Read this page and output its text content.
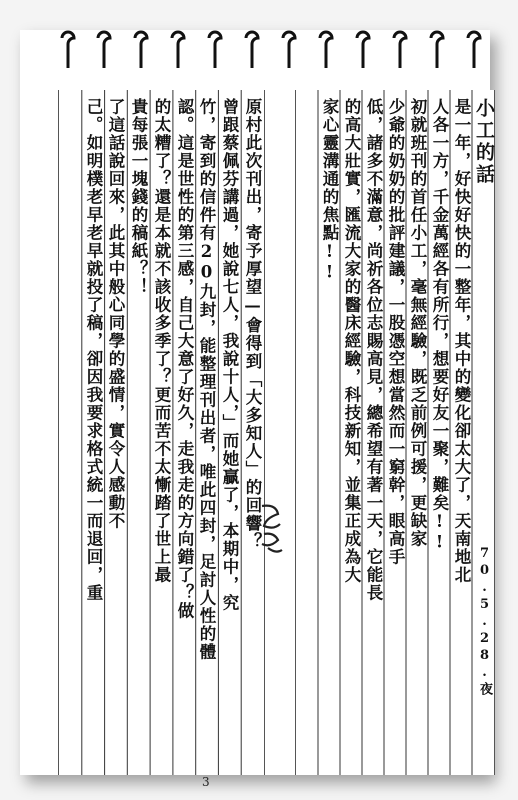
原村此次刊出，寄予厚望—會得到「大多知人」的回響？
曾跟蔡佩芬講過，她說七人，我說十人，」而她贏了，本期中，究
竹，寄到的信件有20九封，能整理刊出者，唯此四封，足討人性的體
認。這是世性的第三感，自己大意了好久，走我走的方向錯了？做
的太糟了？還是本就不該收多季了？更而苦不太慚踏了世上最
貴每張一塊錢的稿紙？！
了這話說回來，此其中般心同學的盛情，實令人感動不
己。如明樸老早老早就投了稿，卻因我要求格式統一而退回，重
3
小工的話
70.5.28.夜
是一年，好快好快的一整年，其中的變化卻太大了，天南地北
人各一方，千金萬經各有所行，想要好友一聚，難矣!!
初就班刊的首任小工，毫無經驗，既乏前例可援，更缺家
少爺的奶奶的批評建議，一股憑空想當然而一窮幹，眼高手
低，諸多不滿意，尚祈各位志賜高見，總希望有著一天，它能長
的高大壯實，匯流大家的醫床經驗，科技新知，並集正成為大
家心靈溝通的焦點!!
